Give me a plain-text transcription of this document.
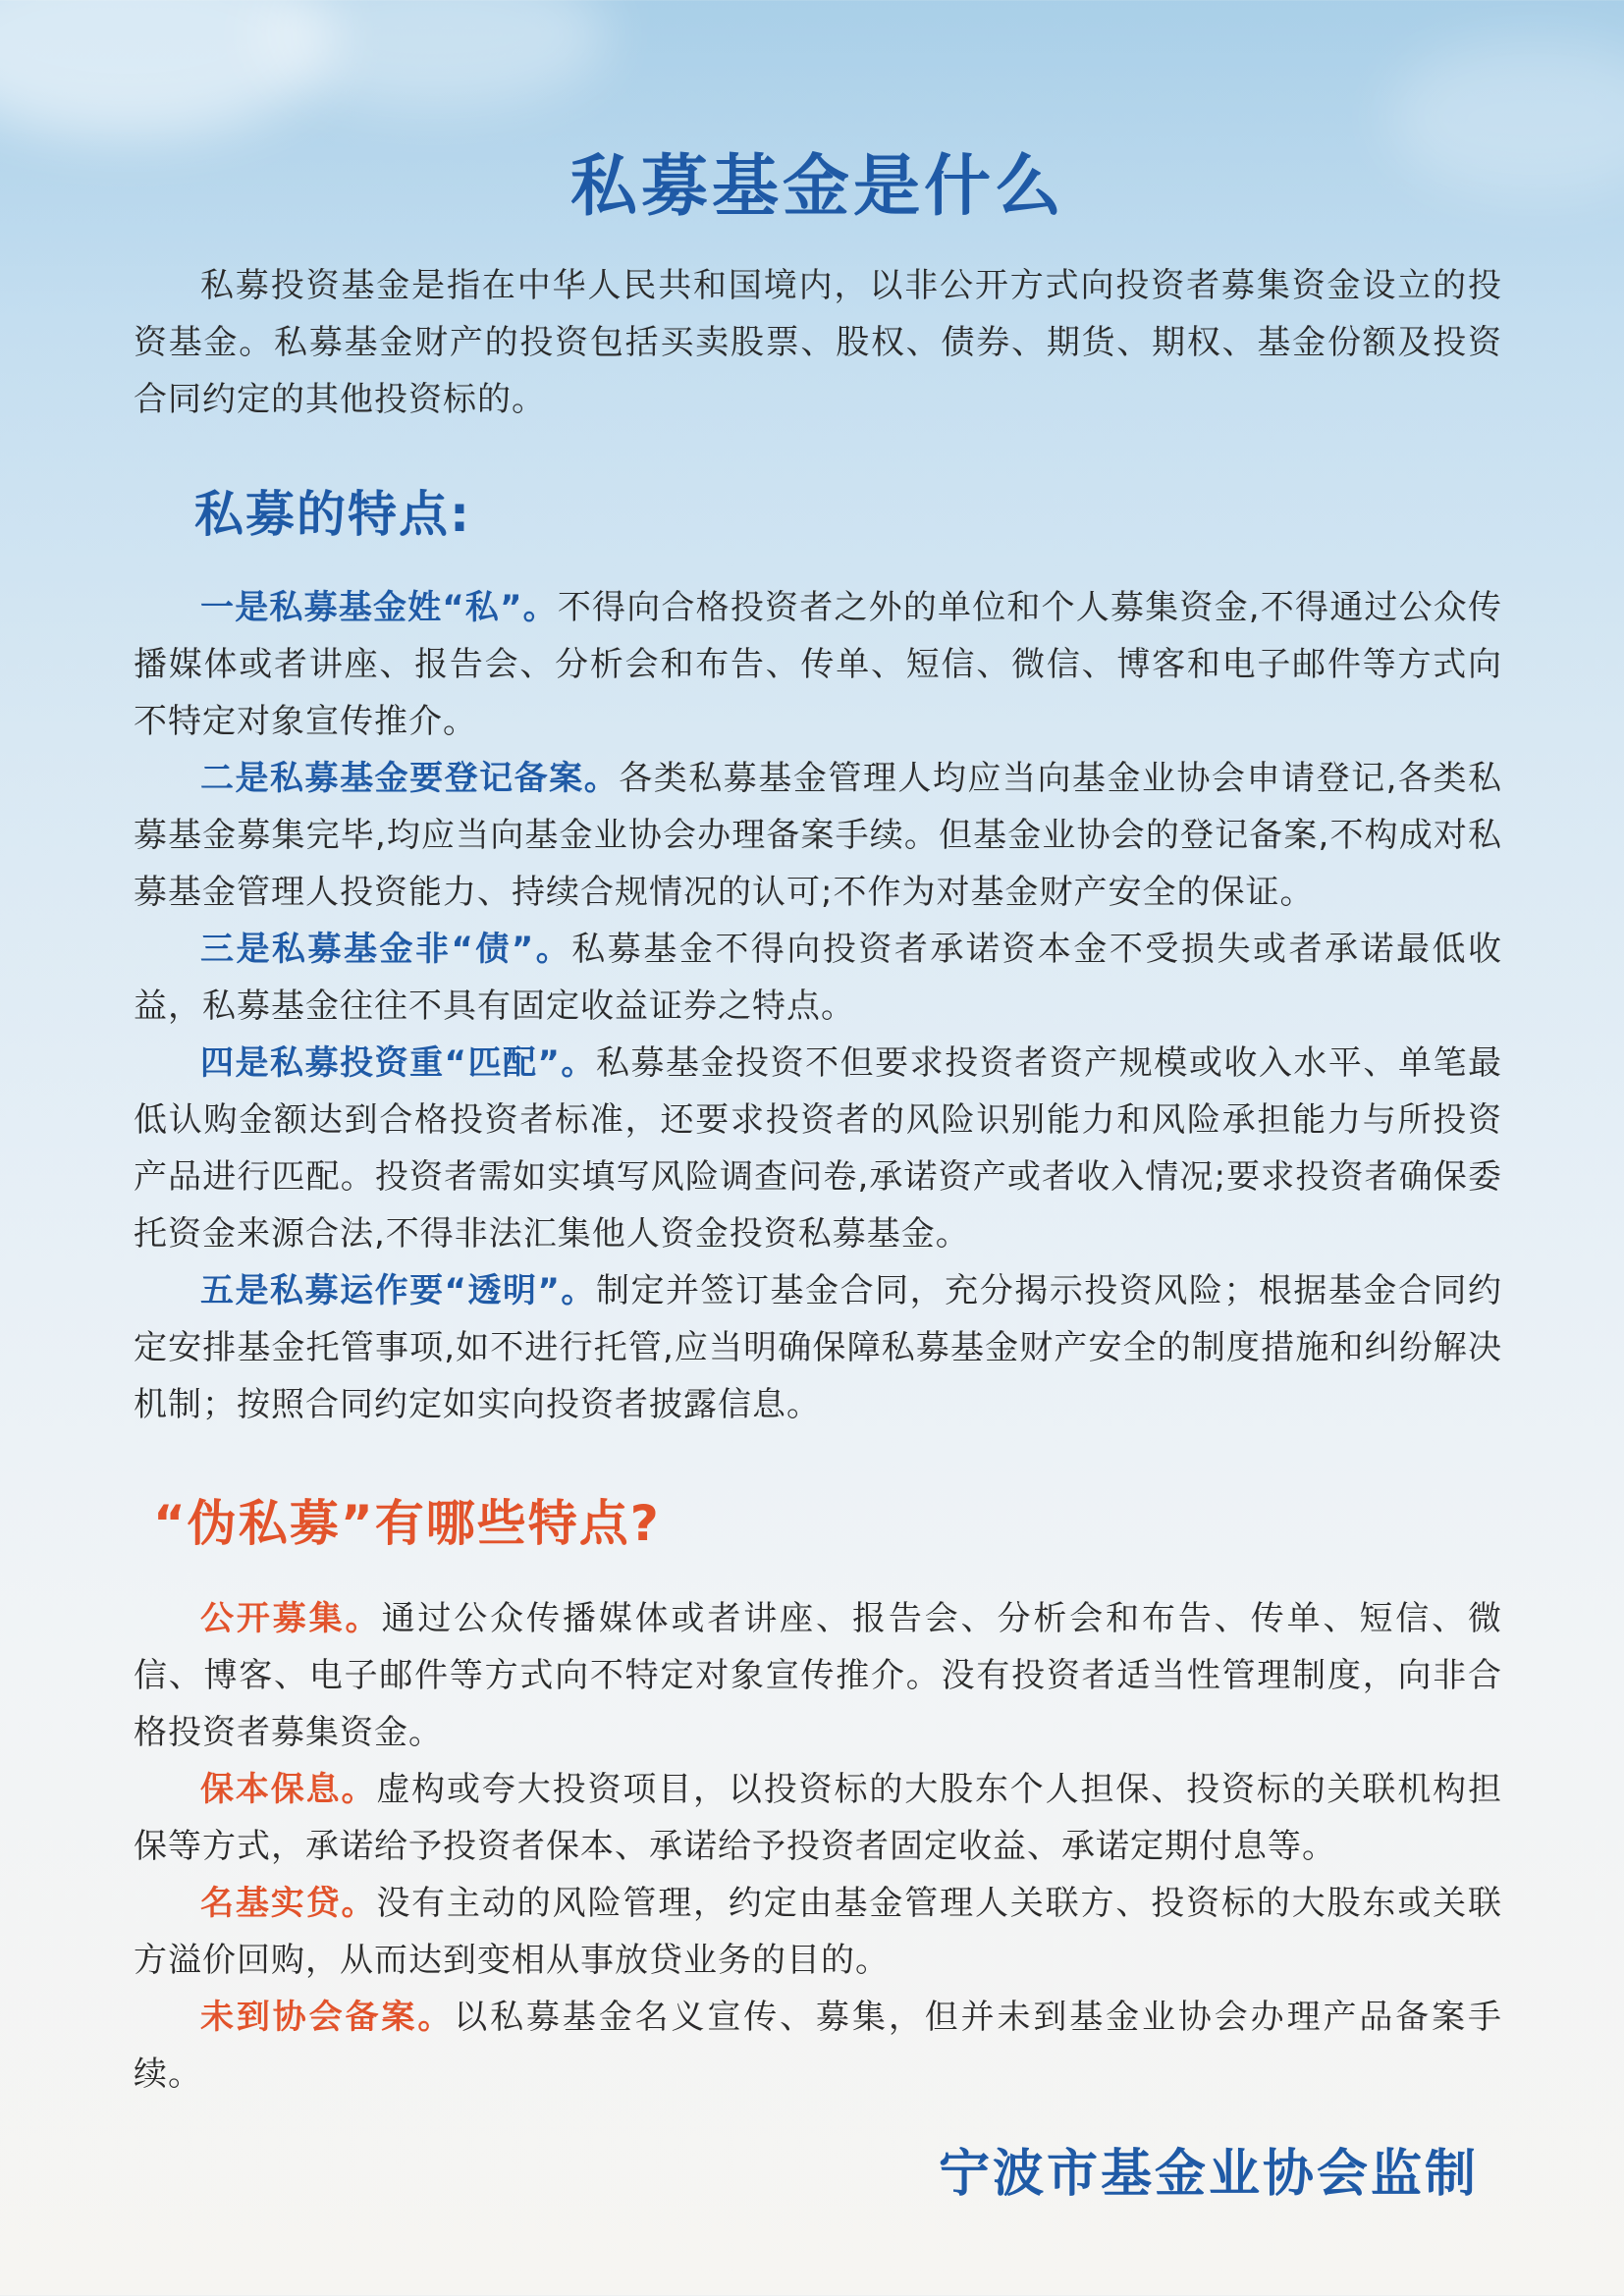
私募基金是什么

私募投资基金是指在中华人民共和国境内，以非公开方式向投资者募集资金设立的投资基金。私募基金财产的投资包括买卖股票、股权、债券、期货、期权、基金份额及投资合同约定的其他投资标的。

私募的特点:

一是私募基金姓“私”。不得向合格投资者之外的单位和个人募集资金,不得通过公众传播媒体或者讲座、报告会、分析会和布告、传单、短信、微信、博客和电子邮件等方式向不特定对象宣传推介。

二是私募基金要登记备案。各类私募基金管理人均应当向基金业协会申请登记,各类私募基金募集完毕,均应当向基金业协会办理备案手续。但基金业协会的登记备案,不构成对私募基金管理人投资能力、持续合规情况的认可;不作为对基金财产安全的保证。

三是私募基金非“债”。私募基金不得向投资者承诺资本金不受损失或者承诺最低收益，私募基金往往不具有固定收益证券之特点。

四是私募投资重“匹配”。私募基金投资不但要求投资者资产规模或收入水平、单笔最低认购金额达到合格投资者标准，还要求投资者的风险识别能力和风险承担能力与所投资产品进行匹配。投资者需如实填写风险调查问卷,承诺资产或者收入情况;要求投资者确保委托资金来源合法,不得非法汇集他人资金投资私募基金。

五是私募运作要“透明”。制定并签订基金合同，充分揭示投资风险；根据基金合同约定安排基金托管事项,如不进行托管,应当明确保障私募基金财产安全的制度措施和纠纷解决机制；按照合同约定如实向投资者披露信息。

“伪私募”有哪些特点?

公开募集。通过公众传播媒体或者讲座、报告会、分析会和布告、传单、短信、微信、博客、电子邮件等方式向不特定对象宣传推介。没有投资者适当性管理制度，向非合格投资者募集资金。

保本保息。虚构或夸大投资项目，以投资标的大股东个人担保、投资标的关联机构担保等方式，承诺给予投资者保本、承诺给予投资者固定收益、承诺定期付息等。

名基实贷。没有主动的风险管理，约定由基金管理人关联方、投资标的大股东或关联方溢价回购，从而达到变相从事放贷业务的目的。

未到协会备案。以私募基金名义宣传、募集，但并未到基金业协会办理产品备案手续。

宁波市基金业协会监制
